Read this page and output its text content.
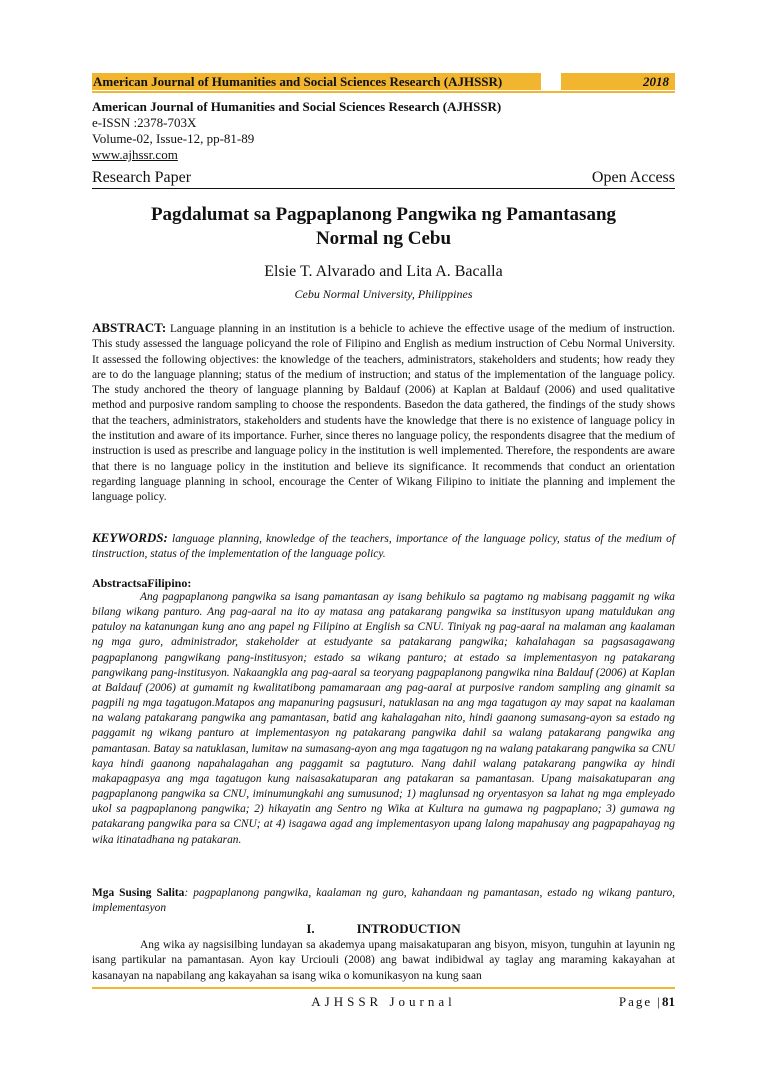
American Journal of Humanities and Social Sciences Research (AJHSSR)	2018
American Journal of Humanities and Social Sciences Research (AJHSSR)
e-ISSN :2378-703X
Volume-02, Issue-12, pp-81-89
www.ajhssr.com
Research Paper	Open Access
Pagdalumat sa Pagpaplanong Pangwika ng Pamantasang Normal ng Cebu
Elsie T. Alvarado and Lita A. Bacalla
Cebu Normal University, Philippines
ABSTRACT: Language planning in an institution is a behicle to achieve the effective usage of the medium of instruction. This study assessed the language policyand the role of Filipino and English as medium instruction of Cebu Normal University. It assessed the following objectives: the knowledge of the teachers, administrators, stakeholders and students; how ready they are to do the language planning; status of the medium of instruction; and status of the implementation of the language policy. The study anchored the theory of language planning by Baldauf (2006) at Kaplan at Baldauf (2006) and used qualitative method and purposive random sampling to choose the respondents. Basedon the data gathered, the findings of the study shows that the teachers, administrators, stakeholders and students have the knowledge that there is no existence of language policy in the institution and aware of its importance. Furher, since theres no language policy, the respondents disagree that the medium of instruction is used as prescribe and language policy in the institution is well implemented. Therefore, the respondents are aware that there is no language policy in the institution and believe its significance. It recommends that conduct an orientation regarding language planning in school, encourage the Center of Wikang Filipino to initiate the planning and implement the language policy.
KEYWORDS: language planning, knowledge of the teachers, importance of the language policy, status of the medium of tinstruction, status of the implementation of the language policy.
AbstractsaFilipino:
Ang pagpaplanong pangwika sa isang pamantasan ay isang behikulo sa pagtamo ng mabisang paggamit ng wika bilang wikang panturo. Ang pag-aaral na ito ay matasa ang patakarang pangwika sa institusyon upang matuldukan ang patuloy na katanungan kung ano ang papel ng Filipino at English sa CNU. Tiniyak ng pag-aaral na malaman ang kaalaman ng mga guro, administrador, stakeholder at estudyante sa patakarang pangwika; kahalahagan sa pagsasagawang pagpaplanong pangwikang pang-institusyon; estado sa wikang panturo; at estado sa implementasyon ng patakarang pangwikang pang-institusyon. Nakaangkla ang pag-aaral sa teoryang pagpaplanong pangwika nina Baldauf (2006) at Kaplan at Baldauf (2006) at gumamit ng kwalitatibong pamamaraan ang pag-aaral at purposive random sampling ang ginamit sa pagpili ng mga tagatugon.Matapos ang mapanuring pagsusuri, natuklasan na ang mga tagatugon ay may sapat na kaalaman na walang patakarang pangwika ang pamantasan, batid ang kahalagahan nito, hindi gaanong sumasang-ayon sa estado ng paggamit ng wikang panturo at implementasyon ng patakarang pangwika dahil sa walang patakarang pangwika ang pamantasan. Batay sa natuklasan, lumitaw na sumasang-ayon ang mga tagatugon ng na walang patakarang pangwika sa CNU kaya hindi gaanong napahalagahan ang paggamit sa pagtuturo. Nang dahil walang patakarang pangwika ay hindi makapagpasya ang mga tagatugon kung naisasakatuparan ang patakaran sa pamantasan. Upang maisakatuparan ang pagpaplanong pangwika sa CNU, iminumungkahi ang sumusunod; 1) maglunsad ng oryentasyon sa lahat ng mga empleyado ukol sa pagpaplanong pangwika; 2) hikayatin ang Sentro ng Wika at Kultura na gumawa ng pagpaplano; 3) gumawa ng patakarang pangwika para sa CNU; at 4) isagawa agad ang implementasyon upang lalong mapahusay ang pagpapahayag ng wika itinatadhana ng patakaran.
Mga Susing Salita: pagpaplanong pangwika, kaalaman ng guro, kahandaan ng pamantasan, estado ng wikang panturo, implementasyon
I.	INTRODUCTION
Ang wika ay nagsisilbing lundayan sa akademya upang maisakatuparan ang bisyon, misyon, tunguhin at layunin ng isang partikular na pamantasan. Ayon kay Urciouli (2008) ang bawat indibidwal ay taglay ang maraming kakayahan at kasanayan na napabilang ang kakayahan sa isang wika o komunikasyon na kung saan
AJHSSR Journal	Page |81
